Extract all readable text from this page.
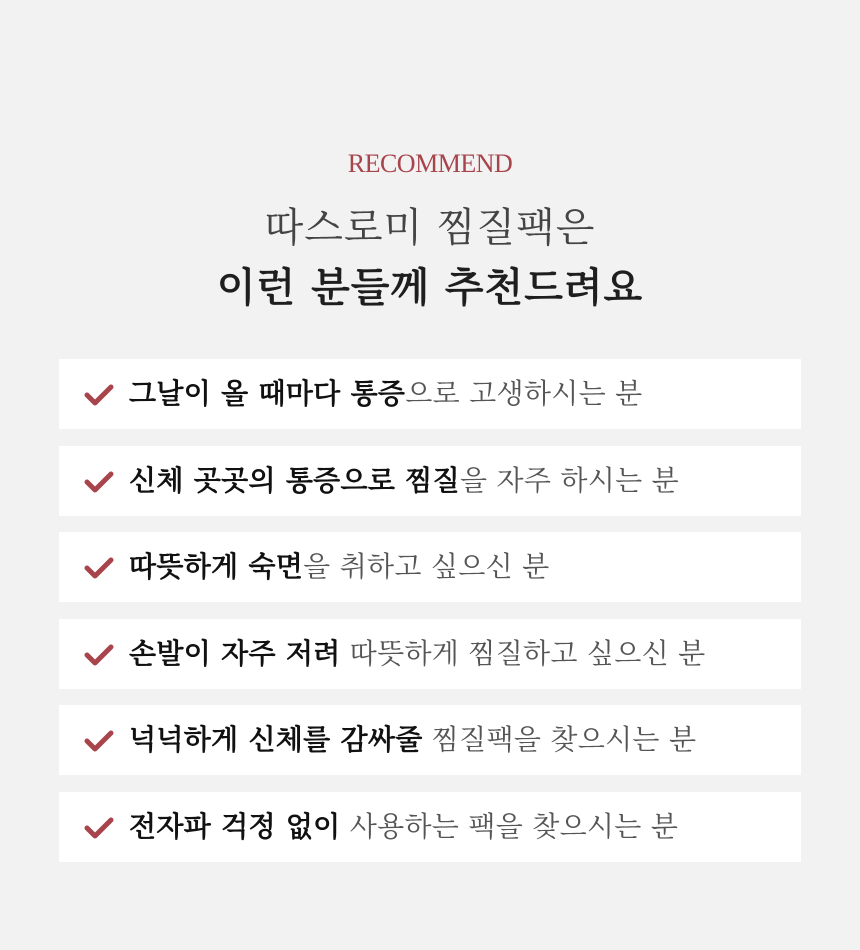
RECOMMEND
따스로미 찜질팩은
이런 분들께 추천드려요
그날이 올 때마다 통증으로 고생하시는 분
신체 곳곳의 통증으로 찜질을 자주 하시는 분
따뜻하게 숙면을 취하고 싶으신 분
손발이 자주 저려 따뜻하게 찜질하고 싶으신 분
넉넉하게 신체를 감싸줄 찜질팩을 찾으시는 분
전자파 걱정 없이 사용하는 팩을 찾으시는 분
